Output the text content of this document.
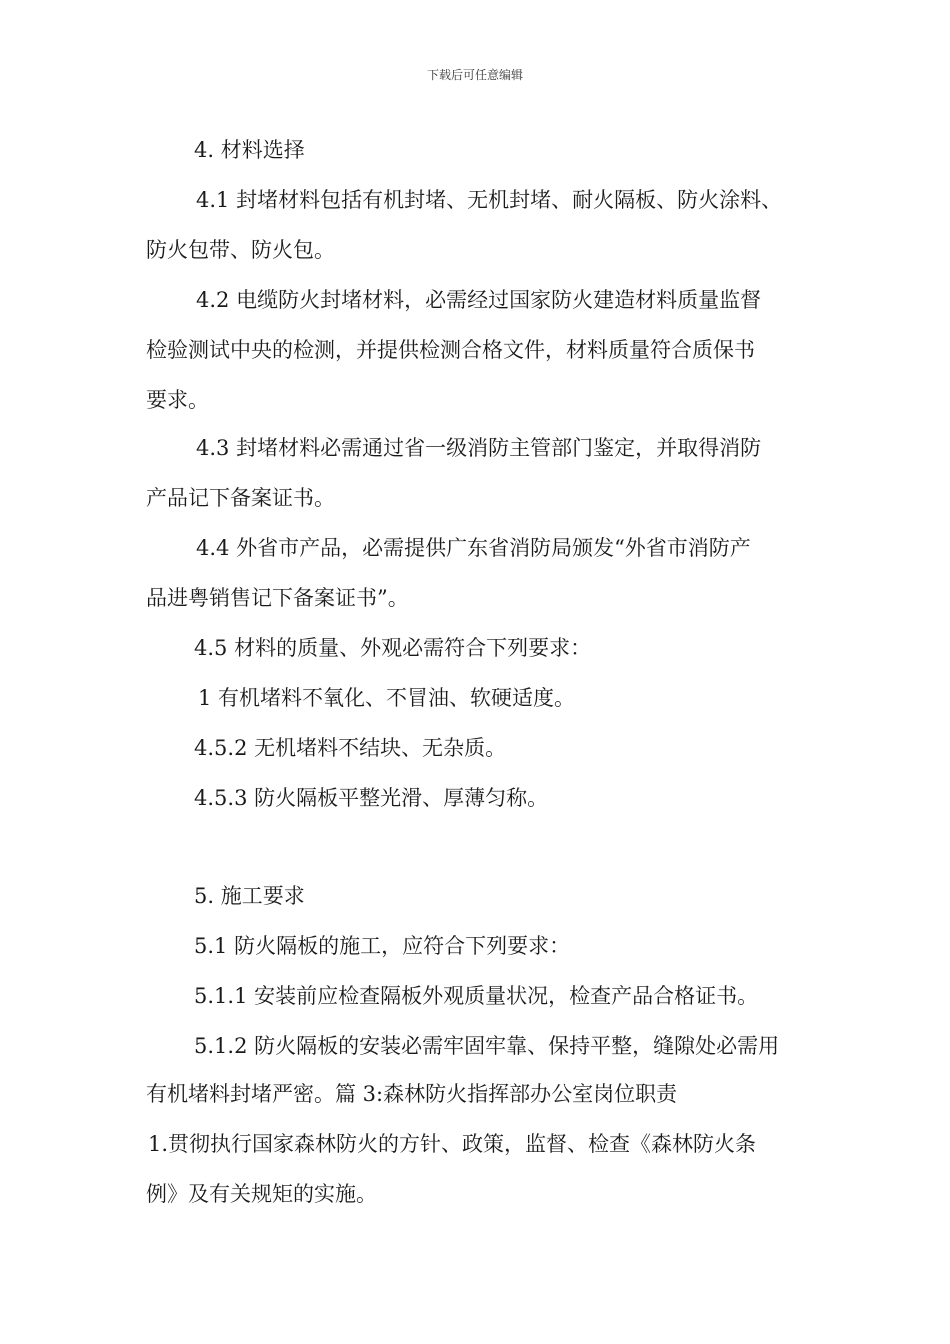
下载后可任意编辑
4. 材料选择
4.1 封堵材料包括有机封堵、无机封堵、耐火隔板、防火涂料、
防火包带、防火包。
4.2 电缆防火封堵材料，必需经过国家防火建造材料质量监督
检验测试中央的检测，并提供检测合格文件，材料质量符合质保书
要求。
4.3 封堵材料必需通过省一级消防主管部门鉴定，并取得消防
产品记下备案证书。
4.4 外省市产品，必需提供广东省消防局颁发“外省市消防产
品进粤销售记下备案证书”。
4.5 材料的质量、外观必需符合下列要求：
1 有机堵料不氧化、不冒油、软硬适度。
4.5.2 无机堵料不结块、无杂质。
4.5.3 防火隔板平整光滑、厚薄匀称。
5. 施工要求
5.1 防火隔板的施工，应符合下列要求：
5.1.1 安装前应检查隔板外观质量状况，检查产品合格证书。
5.1.2 防火隔板的安装必需牢固牢靠、保持平整，缝隙处必需用
有机堵料封堵严密。篇 3:森林防火指挥部办公室岗位职责
1.贯彻执行国家森林防火的方针、政策，监督、检查《森林防火条
例》及有关规矩的实施。
